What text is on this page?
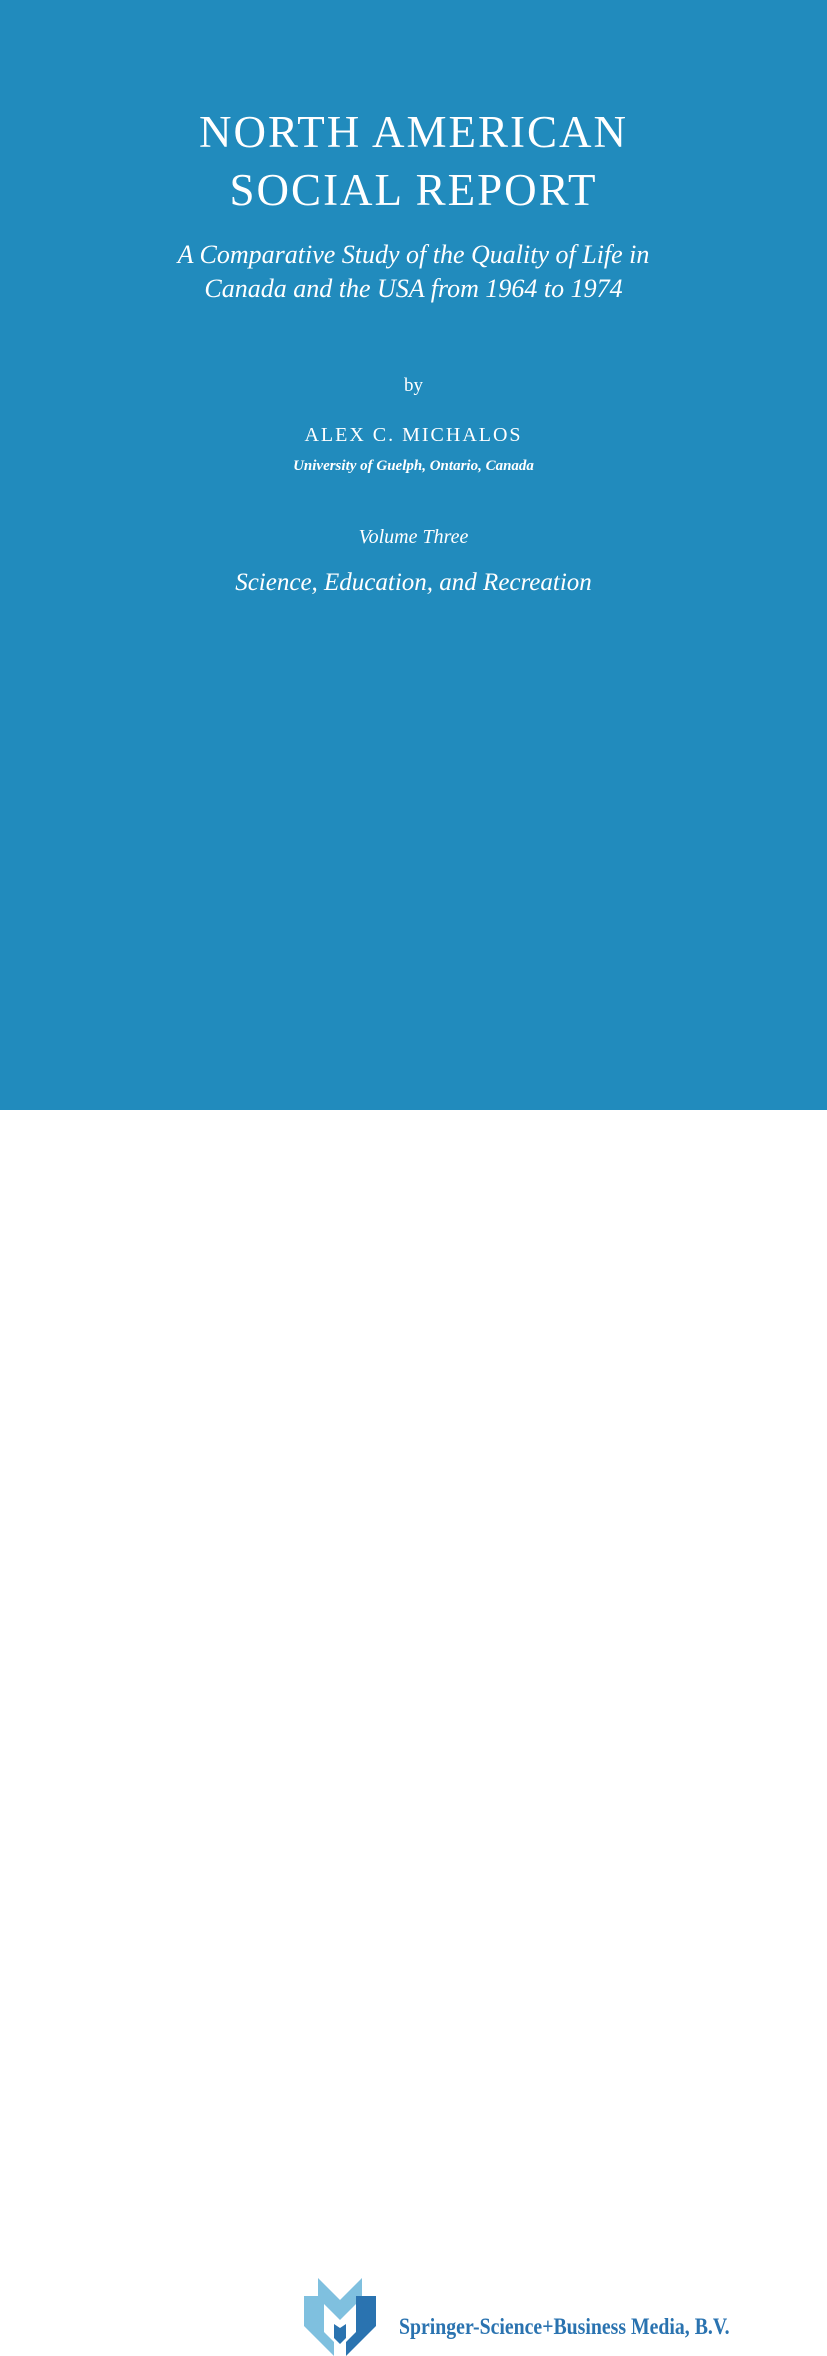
NORTH AMERICAN
SOCIAL REPORT
A Comparative Study of the Quality of Life in
Canada and the USA from 1964 to 1974
by
ALEX C. MICHALOS
University of Guelph, Ontario, Canada
Volume Three
Science, Education, and Recreation
Springer-Science+Business Media, B.V.
